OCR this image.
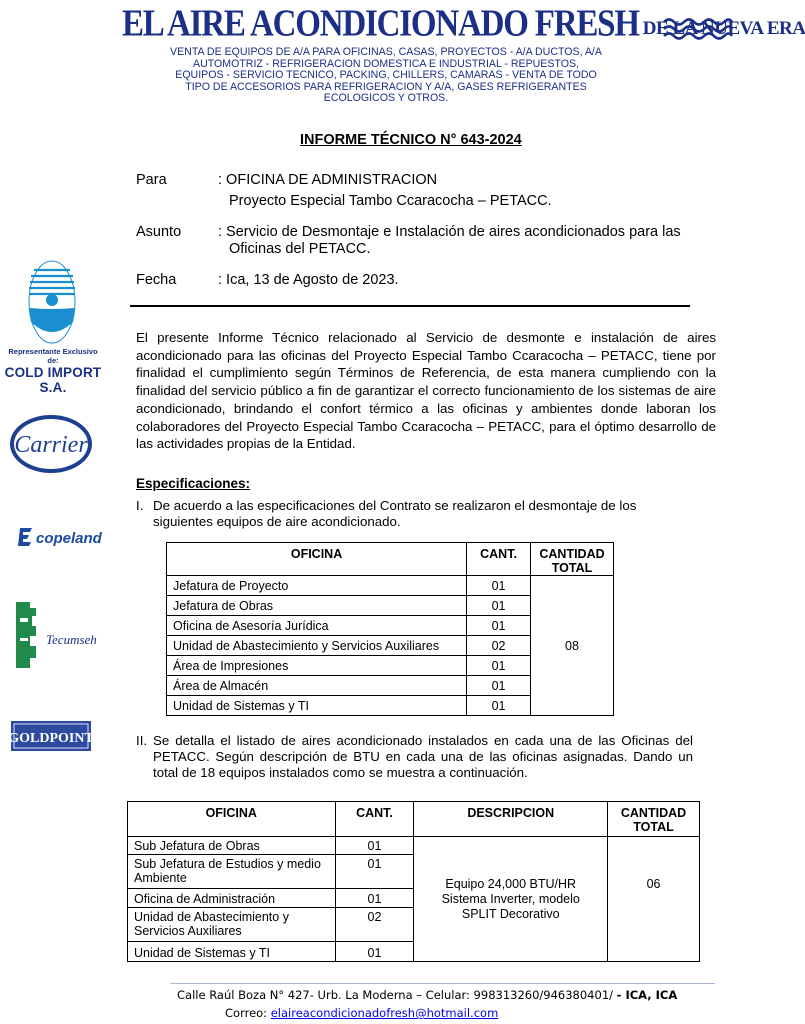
EL AIRE ACONDICIONADO FRESH DE LA NUEVA ERA
VENTA DE EQUIPOS DE A/A PARA OFICINAS, CASAS, PROYECTOS - A/A DUCTOS, A/A
AUTOMOTRIZ - REFRIGERACION DOMESTICA E INDUSTRIAL - REPUESTOS,
EQUIPOS - SERVICIO TECNICO, PACKING, CHILLERS, CAMARAS - VENTA DE TODO
TIPO DE ACCESORIOS PARA REFRIGERACION Y A/A, GASES REFRIGERANTES
ECOLOGICOS Y OTROS.
Representante Exclusivo de:
COLD IMPORT S.A.
Carrier
copeland
Tecumseh
GOLDPOINT
INFORME TÉCNICO N° 643-2024
Para	: OFICINA DE ADMINISTRACION
Proyecto Especial Tambo Ccaracocha – PETACC.
Asunto	: Servicio de Desmontaje e Instalación de aires acondicionados para las
Oficinas del PETACC.
Fecha	: Ica, 13 de Agosto de 2023.

El presente Informe Técnico relacionado al Servicio de desmonte e instalación de aires acondicionado para las oficinas del Proyecto Especial Tambo Ccaracocha – PETACC, tiene por finalidad el cumplimiento según Términos de Referencia, de esta manera cumpliendo con la finalidad del servicio público a fin de garantizar el correcto funcionamiento de los sistemas de aire acondicionado, brindando el confort térmico a las oficinas y ambientes donde laboran los colaboradores del Proyecto Especial Tambo Ccaracocha – PETACC, para el óptimo desarrollo de las actividades propias de la Entidad.

Especificaciones:
I. De acuerdo a las especificaciones del Contrato se realizaron el desmontaje de los siguientes equipos de aire acondicionado.
OFICINA	CANT.	CANTIDAD TOTAL
Jefatura de Proyecto	01	08
Jefatura de Obras	01	
Oficina de Asesoría Jurídica	01	
Unidad de Abastecimiento y Servicios Auxiliares	02	
Área de Impresiones	01	
Área de Almacén	01	
Unidad de Sistemas y TI	01	
II. Se detalla el listado de aires acondicionado instalados en cada una de las Oficinas del PETACC. Según descripción de BTU en cada una de las oficinas asignadas. Dando un total de 18 equipos instalados como se muestra a continuación.
OFICINA	CANT.	DESCRIPCION	CANTIDAD TOTAL
Sub Jefatura de Obras	01	Equipo 24,000 BTU/HR Sistema Inverter, modelo SPLIT Decorativo	06
Sub Jefatura de Estudios y medio Ambiente	01		
Oficina de Administración	01		
Unidad de Abastecimiento y Servicios Auxiliares	02		
Unidad de Sistemas y TI	01		
Calle Raúl Boza N° 427- Urb. La Moderna – Celular: 998313260/946380401/ - ICA, ICA
Correo: elaireacondicionadofresh@hotmail.com
